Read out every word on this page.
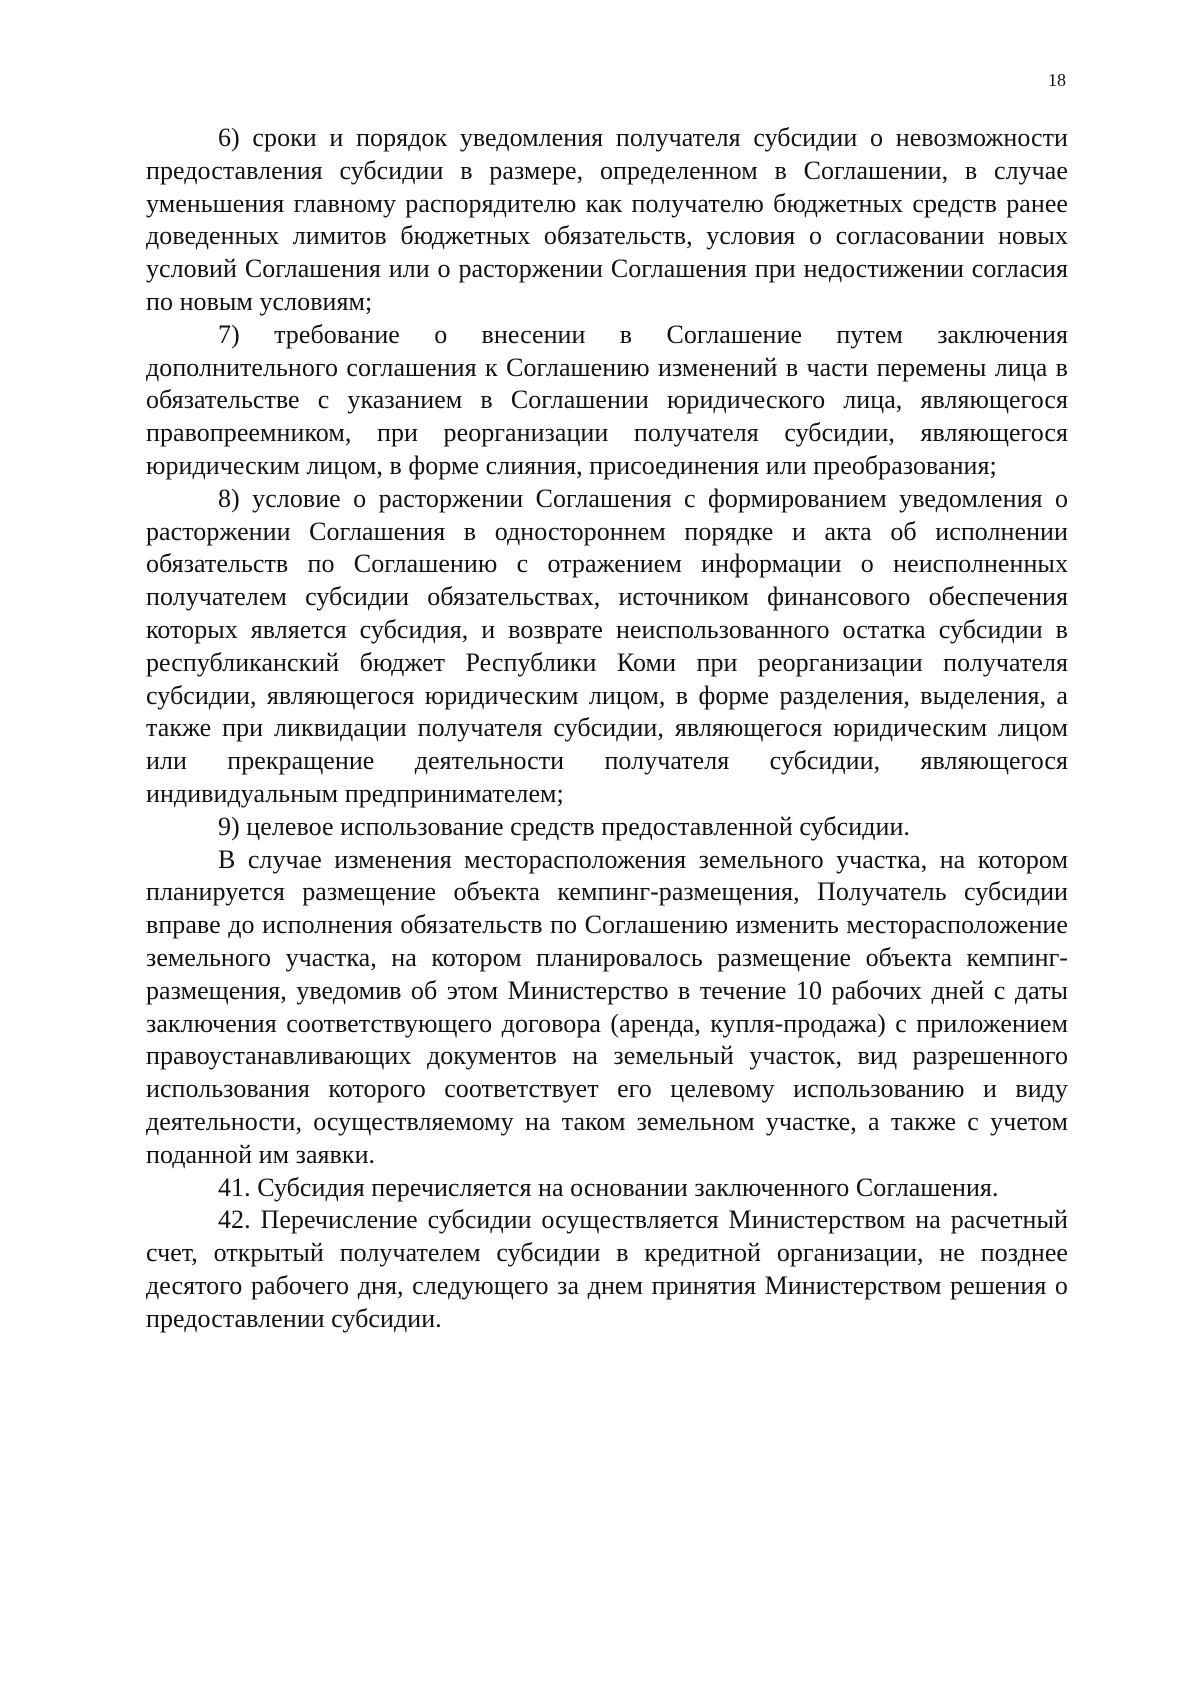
18

6) сроки и порядок уведомления получателя субсидии о невозможности предоставления субсидии в размере, определенном в Соглашении, в случае уменьшения главному распорядителю как получателю бюджетных средств ранее доведенных лимитов бюджетных обязательств, условия о согласовании новых условий Соглашения или о расторжении Соглашения при недостижении согласия по новым условиям;

7) требование о внесении в Соглашение путем заключения дополнительного соглашения к Соглашению изменений в части перемены лица в обязательстве с указанием в Соглашении юридического лица, являющегося правопреемником, при реорганизации получателя субсидии, являющегося юридическим лицом, в форме слияния, присоединения или преобразования;

8) условие о расторжении Соглашения с формированием уведомления о расторжении Соглашения в одностороннем порядке и акта об исполнении обязательств по Соглашению с отражением информации о неисполненных получателем субсидии обязательствах, источником финансового обеспечения которых является субсидия, и возврате неиспользованного остатка субсидии в республиканский бюджет Республики Коми при реорганизации получателя субсидии, являющегося юридическим лицом, в форме разделения, выделения, а также при ликвидации получателя субсидии, являющегося юридическим лицом или прекращение деятельности получателя субсидии, являющегося индивидуальным предпринимателем;

9) целевое использование средств предоставленной субсидии.

В случае изменения месторасположения земельного участка, на котором планируется размещение объекта кемпинг-размещения, Получатель субсидии вправе до исполнения обязательств по Соглашению изменить месторасположение земельного участка, на котором планировалось размещение объекта кемпинг-размещения, уведомив об этом Министерство в течение 10 рабочих дней с даты заключения соответствующего договора (аренда, купля-продажа) с приложением правоустанавливающих документов на земельный участок, вид разрешенного использования которого соответствует его целевому использованию и виду деятельности, осуществляемому на таком земельном участке, а также с учетом поданной им заявки.

41. Субсидия перечисляется на основании заключенного Соглашения.

42. Перечисление субсидии осуществляется Министерством на расчетный счет, открытый получателем субсидии в кредитной организации, не позднее десятого рабочего дня, следующего за днем принятия Министерством решения о предоставлении субсидии.
